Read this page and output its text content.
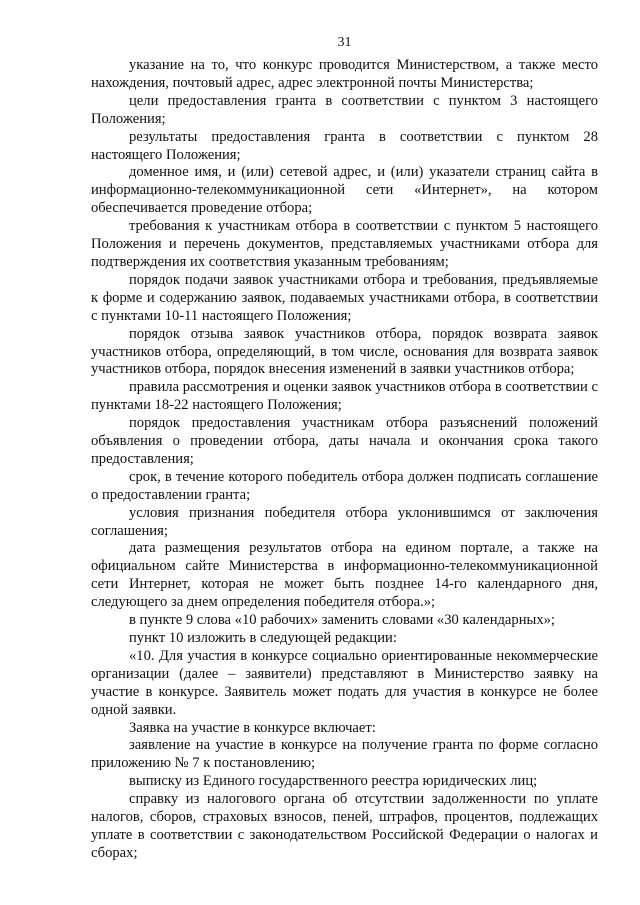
31

указание на то, что конкурс проводится Министерством, а также место нахождения, почтовый адрес, адрес электронной почты Министерства;

цели предоставления гранта в соответствии с пунктом 3 настоящего Положения;

результаты предоставления гранта в соответствии с пунктом 28 настоящего Положения;

доменное имя, и (или) сетевой адрес, и (или) указатели страниц сайта в информационно-телекоммуникационной сети «Интернет», на котором обеспечивается проведение отбора;

требования к участникам отбора в соответствии с пунктом 5 настоящего Положения и перечень документов, представляемых участниками отбора для подтверждения их соответствия указанным требованиям;

порядок подачи заявок участниками отбора и требования, предъявляемые к форме и содержанию заявок, подаваемых участниками отбора, в соответствии с пунктами 10-11 настоящего Положения;

порядок отзыва заявок участников отбора, порядок возврата заявок участников отбора, определяющий, в том числе, основания для возврата заявок участников отбора, порядок внесения изменений в заявки участников отбора;

правила рассмотрения и оценки заявок участников отбора в соответствии с пунктами 18-22 настоящего Положения;

порядок предоставления участникам отбора разъяснений положений объявления о проведении отбора, даты начала и окончания срока такого предоставления;

срок, в течение которого победитель отбора должен подписать соглашение о предоставлении гранта;

условия признания победителя отбора уклонившимся от заключения соглашения;

дата размещения результатов отбора на едином портале, а также на официальном сайте Министерства в информационно-телекоммуникационной сети Интернет, которая не может быть позднее 14-го календарного дня, следующего за днем определения победителя отбора.»;

в пункте 9 слова «10 рабочих» заменить словами «30 календарных»;

пункт 10 изложить в следующей редакции:

«10. Для участия в конкурсе социально ориентированные некоммерческие организации (далее – заявители) представляют в Министерство заявку на участие в конкурсе. Заявитель может подать для участия в конкурсе не более одной заявки.

Заявка на участие в конкурсе включает:

заявление на участие в конкурсе на получение гранта по форме согласно приложению № 7 к постановлению;

выписку из Единого государственного реестра юридических лиц;

справку из налогового органа об отсутствии задолженности по уплате налогов, сборов, страховых взносов, пеней, штрафов, процентов, подлежащих уплате в соответствии с законодательством Российской Федерации о налогах и сборах;
